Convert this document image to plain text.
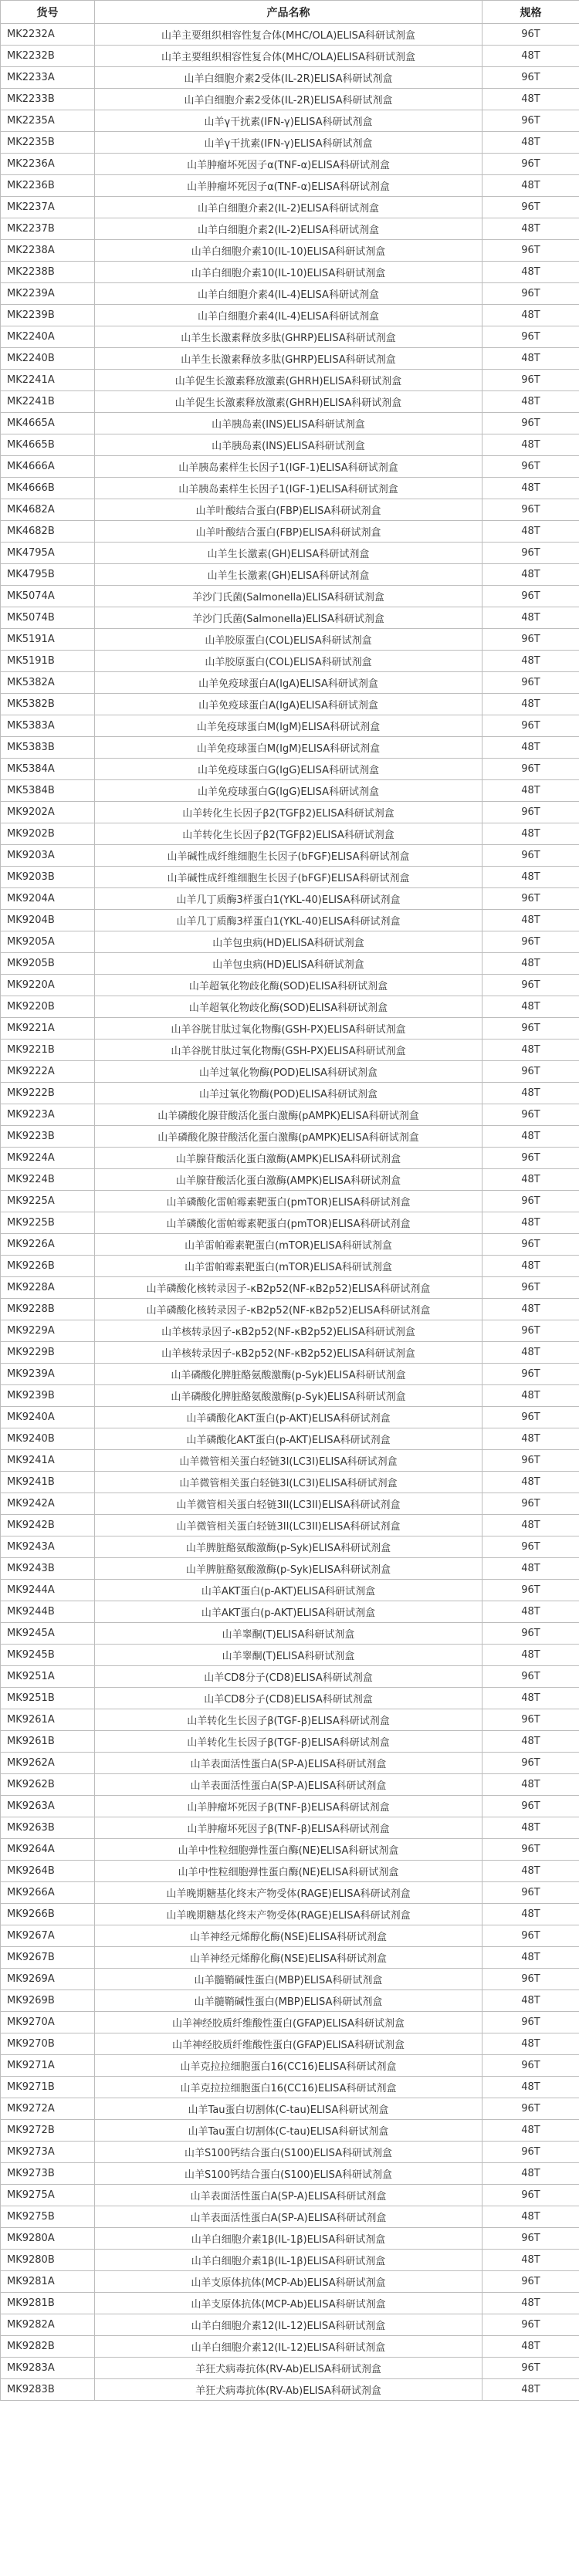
货号	产品名称	规格
MK2232A	山羊主要组织相容性复合体(MHC/OLA)ELISA科研试剂盒	96T
MK2232B	山羊主要组织相容性复合体(MHC/OLA)ELISA科研试剂盒	48T
MK2233A	山羊白细胞介素2受体(IL-2R)ELISA科研试剂盒	96T
MK2233B	山羊白细胞介素2受体(IL-2R)ELISA科研试剂盒	48T
MK2235A	山羊γ干扰素(IFN-γ)ELISA科研试剂盒	96T
MK2235B	山羊γ干扰素(IFN-γ)ELISA科研试剂盒	48T
MK2236A	山羊肿瘤坏死因子α(TNF-α)ELISA科研试剂盒	96T
MK2236B	山羊肿瘤坏死因子α(TNF-α)ELISA科研试剂盒	48T
MK2237A	山羊白细胞介素2(IL-2)ELISA科研试剂盒	96T
MK2237B	山羊白细胞介素2(IL-2)ELISA科研试剂盒	48T
MK2238A	山羊白细胞介素10(IL-10)ELISA科研试剂盒	96T
MK2238B	山羊白细胞介素10(IL-10)ELISA科研试剂盒	48T
MK2239A	山羊白细胞介素4(IL-4)ELISA科研试剂盒	96T
MK2239B	山羊白细胞介素4(IL-4)ELISA科研试剂盒	48T
MK2240A	山羊生长激素释放多肽(GHRP)ELISA科研试剂盒	96T
MK2240B	山羊生长激素释放多肽(GHRP)ELISA科研试剂盒	48T
MK2241A	山羊促生长激素释放激素(GHRH)ELISA科研试剂盒	96T
MK2241B	山羊促生长激素释放激素(GHRH)ELISA科研试剂盒	48T
MK4665A	山羊胰岛素(INS)ELISA科研试剂盒	96T
MK4665B	山羊胰岛素(INS)ELISA科研试剂盒	48T
MK4666A	山羊胰岛素样生长因子1(IGF-1)ELISA科研试剂盒	96T
MK4666B	山羊胰岛素样生长因子1(IGF-1)ELISA科研试剂盒	48T
MK4682A	山羊叶酸结合蛋白(FBP)ELISA科研试剂盒	96T
MK4682B	山羊叶酸结合蛋白(FBP)ELISA科研试剂盒	48T
MK4795A	山羊生长激素(GH)ELISA科研试剂盒	96T
MK4795B	山羊生长激素(GH)ELISA科研试剂盒	48T
MK5074A	羊沙门氏菌(Salmonella)ELISA科研试剂盒	96T
MK5074B	羊沙门氏菌(Salmonella)ELISA科研试剂盒	48T
MK5191A	山羊胶原蛋白(COL)ELISA科研试剂盒	96T
MK5191B	山羊胶原蛋白(COL)ELISA科研试剂盒	48T
MK5382A	山羊免疫球蛋白A(IgA)ELISA科研试剂盒	96T
MK5382B	山羊免疫球蛋白A(IgA)ELISA科研试剂盒	48T
MK5383A	山羊免疫球蛋白M(IgM)ELISA科研试剂盒	96T
MK5383B	山羊免疫球蛋白M(IgM)ELISA科研试剂盒	48T
MK5384A	山羊免疫球蛋白G(IgG)ELISA科研试剂盒	96T
MK5384B	山羊免疫球蛋白G(IgG)ELISA科研试剂盒	48T
MK9202A	山羊转化生长因子β2(TGFβ2)ELISA科研试剂盒	96T
MK9202B	山羊转化生长因子β2(TGFβ2)ELISA科研试剂盒	48T
MK9203A	山羊碱性成纤维细胞生长因子(bFGF)ELISA科研试剂盒	96T
MK9203B	山羊碱性成纤维细胞生长因子(bFGF)ELISA科研试剂盒	48T
MK9204A	山羊几丁质酶3样蛋白1(YKL-40)ELISA科研试剂盒	96T
MK9204B	山羊几丁质酶3样蛋白1(YKL-40)ELISA科研试剂盒	48T
MK9205A	山羊包虫病(HD)ELISA科研试剂盒	96T
MK9205B	山羊包虫病(HD)ELISA科研试剂盒	48T
MK9220A	山羊超氧化物歧化酶(SOD)ELISA科研试剂盒	96T
MK9220B	山羊超氧化物歧化酶(SOD)ELISA科研试剂盒	48T
MK9221A	山羊谷胱甘肽过氧化物酶(GSH-PX)ELISA科研试剂盒	96T
MK9221B	山羊谷胱甘肽过氧化物酶(GSH-PX)ELISA科研试剂盒	48T
MK9222A	山羊过氧化物酶(POD)ELISA科研试剂盒	96T
MK9222B	山羊过氧化物酶(POD)ELISA科研试剂盒	48T
MK9223A	山羊磷酸化腺苷酸活化蛋白激酶(pAMPK)ELISA科研试剂盒	96T
MK9223B	山羊磷酸化腺苷酸活化蛋白激酶(pAMPK)ELISA科研试剂盒	48T
MK9224A	山羊腺苷酸活化蛋白激酶(AMPK)ELISA科研试剂盒	96T
MK9224B	山羊腺苷酸活化蛋白激酶(AMPK)ELISA科研试剂盒	48T
MK9225A	山羊磷酸化雷帕霉素靶蛋白(pmTOR)ELISA科研试剂盒	96T
MK9225B	山羊磷酸化雷帕霉素靶蛋白(pmTOR)ELISA科研试剂盒	48T
MK9226A	山羊雷帕霉素靶蛋白(mTOR)ELISA科研试剂盒	96T
MK9226B	山羊雷帕霉素靶蛋白(mTOR)ELISA科研试剂盒	48T
MK9228A	山羊磷酸化核转录因子-κB2p52(NF-κB2p52)ELISA科研试剂盒	96T
MK9228B	山羊磷酸化核转录因子-κB2p52(NF-κB2p52)ELISA科研试剂盒	48T
MK9229A	山羊核转录因子-κB2p52(NF-κB2p52)ELISA科研试剂盒	96T
MK9229B	山羊核转录因子-κB2p52(NF-κB2p52)ELISA科研试剂盒	48T
MK9239A	山羊磷酸化脾脏酪氨酸激酶(p-Syk)ELISA科研试剂盒	96T
MK9239B	山羊磷酸化脾脏酪氨酸激酶(p-Syk)ELISA科研试剂盒	48T
MK9240A	山羊磷酸化AKT蛋白(p-AKT)ELISA科研试剂盒	96T
MK9240B	山羊磷酸化AKT蛋白(p-AKT)ELISA科研试剂盒	48T
MK9241A	山羊微管相关蛋白轻链3I(LC3I)ELISA科研试剂盒	96T
MK9241B	山羊微管相关蛋白轻链3I(LC3I)ELISA科研试剂盒	48T
MK9242A	山羊微管相关蛋白轻链3II(LC3II)ELISA科研试剂盒	96T
MK9242B	山羊微管相关蛋白轻链3II(LC3II)ELISA科研试剂盒	48T
MK9243A	山羊脾脏酪氨酸激酶(p-Syk)ELISA科研试剂盒	96T
MK9243B	山羊脾脏酪氨酸激酶(p-Syk)ELISA科研试剂盒	48T
MK9244A	山羊AKT蛋白(p-AKT)ELISA科研试剂盒	96T
MK9244B	山羊AKT蛋白(p-AKT)ELISA科研试剂盒	48T
MK9245A	山羊睾酮(T)ELISA科研试剂盒	96T
MK9245B	山羊睾酮(T)ELISA科研试剂盒	48T
MK9251A	山羊CD8分子(CD8)ELISA科研试剂盒	96T
MK9251B	山羊CD8分子(CD8)ELISA科研试剂盒	48T
MK9261A	山羊转化生长因子β(TGF-β)ELISA科研试剂盒	96T
MK9261B	山羊转化生长因子β(TGF-β)ELISA科研试剂盒	48T
MK9262A	山羊表面活性蛋白A(SP-A)ELISA科研试剂盒	96T
MK9262B	山羊表面活性蛋白A(SP-A)ELISA科研试剂盒	48T
MK9263A	山羊肿瘤坏死因子β(TNF-β)ELISA科研试剂盒	96T
MK9263B	山羊肿瘤坏死因子β(TNF-β)ELISA科研试剂盒	48T
MK9264A	山羊中性粒细胞弹性蛋白酶(NE)ELISA科研试剂盒	96T
MK9264B	山羊中性粒细胞弹性蛋白酶(NE)ELISA科研试剂盒	48T
MK9266A	山羊晚期糖基化终末产物受体(RAGE)ELISA科研试剂盒	96T
MK9266B	山羊晚期糖基化终末产物受体(RAGE)ELISA科研试剂盒	48T
MK9267A	山羊神经元烯醇化酶(NSE)ELISA科研试剂盒	96T
MK9267B	山羊神经元烯醇化酶(NSE)ELISA科研试剂盒	48T
MK9269A	山羊髓鞘碱性蛋白(MBP)ELISA科研试剂盒	96T
MK9269B	山羊髓鞘碱性蛋白(MBP)ELISA科研试剂盒	48T
MK9270A	山羊神经胶质纤维酸性蛋白(GFAP)ELISA科研试剂盒	96T
MK9270B	山羊神经胶质纤维酸性蛋白(GFAP)ELISA科研试剂盒	48T
MK9271A	山羊克拉拉细胞蛋白16(CC16)ELISA科研试剂盒	96T
MK9271B	山羊克拉拉细胞蛋白16(CC16)ELISA科研试剂盒	48T
MK9272A	山羊Tau蛋白切割体(C-tau)ELISA科研试剂盒	96T
MK9272B	山羊Tau蛋白切割体(C-tau)ELISA科研试剂盒	48T
MK9273A	山羊S100钙结合蛋白(S100)ELISA科研试剂盒	96T
MK9273B	山羊S100钙结合蛋白(S100)ELISA科研试剂盒	48T
MK9275A	山羊表面活性蛋白A(SP-A)ELISA科研试剂盒	96T
MK9275B	山羊表面活性蛋白A(SP-A)ELISA科研试剂盒	48T
MK9280A	山羊白细胞介素1β(IL-1β)ELISA科研试剂盒	96T
MK9280B	山羊白细胞介素1β(IL-1β)ELISA科研试剂盒	48T
MK9281A	山羊支原体抗体(MCP-Ab)ELISA科研试剂盒	96T
MK9281B	山羊支原体抗体(MCP-Ab)ELISA科研试剂盒	48T
MK9282A	山羊白细胞介素12(IL-12)ELISA科研试剂盒	96T
MK9282B	山羊白细胞介素12(IL-12)ELISA科研试剂盒	48T
MK9283A	羊狂犬病毒抗体(RV-Ab)ELISA科研试剂盒	96T
MK9283B	羊狂犬病毒抗体(RV-Ab)ELISA科研试剂盒	48T
